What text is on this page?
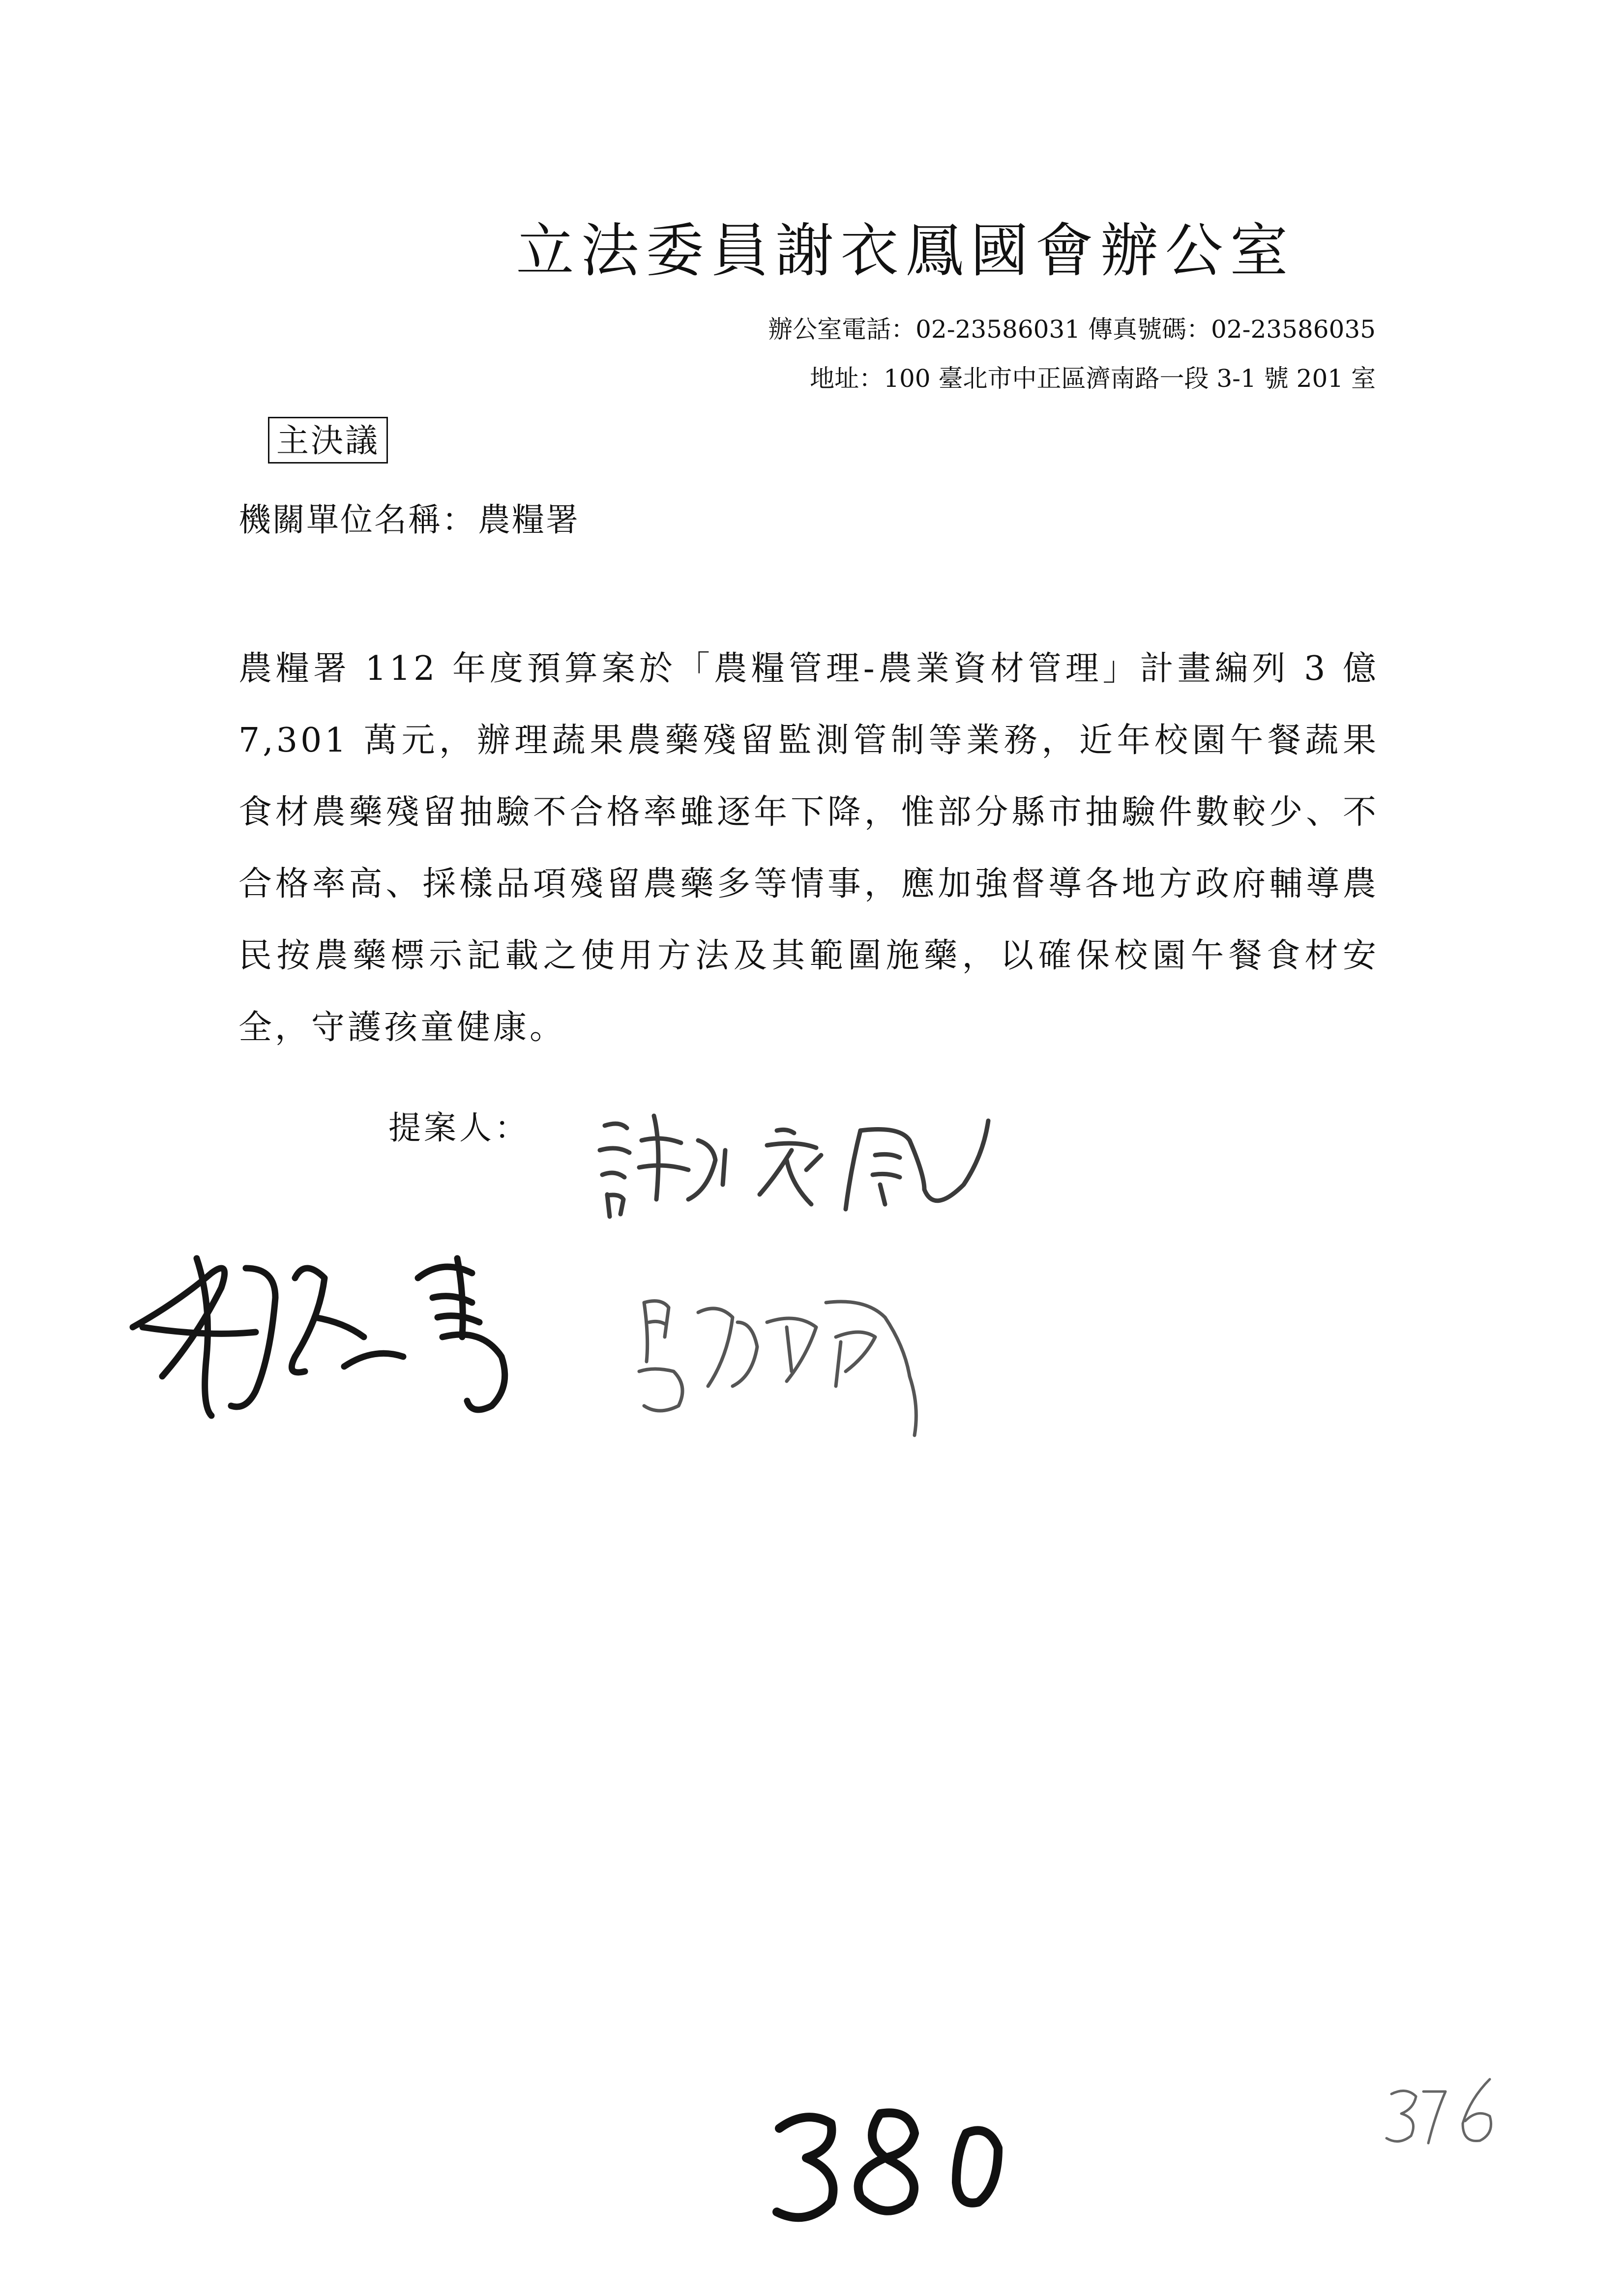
立法委員謝衣鳳國會辦公室
辦公室電話：02-23586031 傳真號碼：02-23586035
地址：100 臺北市中正區濟南路一段 3-1 號 201 室
主決議
機關單位名稱：農糧署
農糧署 112 年度預算案於「農糧管理-農業資材管理」計畫編列 3 億 7,301 萬元，辦理蔬果農藥殘留監測管制等業務，近年校園午餐蔬果食材農藥殘留抽驗不合格率雖逐年下降，惟部分縣市抽驗件數較少、不合格率高、採樣品項殘留農藥多等情事，應加強督導各地方政府輔導農民按農藥標示記載之使用方法及其範圍施藥，以確保校園午餐食材安全，守護孩童健康。
提案人：
